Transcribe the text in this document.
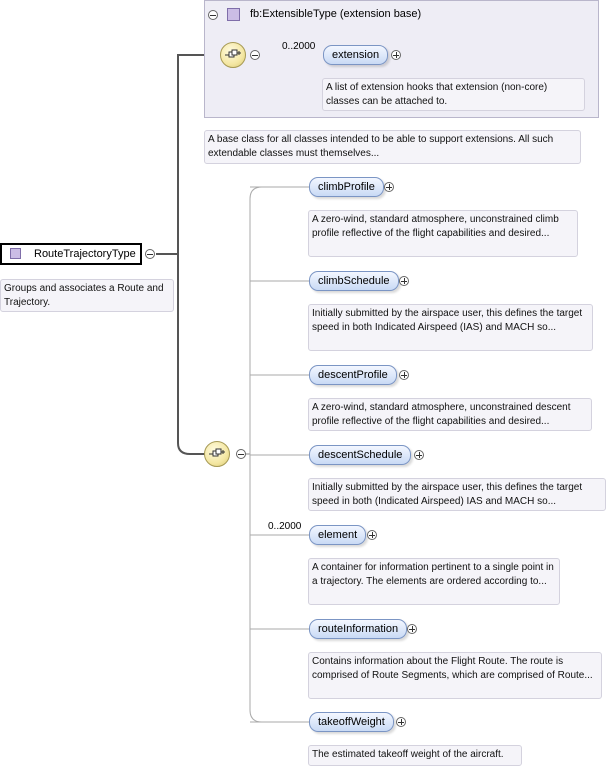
fb:ExtensibleType (extension base)
0..2000
extension
A list of extension hooks that extension (non-core) classes can be attached to.
A base class for all classes intended to be able to support extensions. All such extendable classes must themselves...
RouteTrajectoryType
Groups and associates a Route and Trajectory.
climbProfile
A zero-wind, standard atmosphere, unconstrained climb profile reflective of the flight capabilities and desired...
climbSchedule
Initially submitted by the airspace user, this defines the target speed in both Indicated Airspeed (IAS) and MACH so...
descentProfile
A zero-wind, standard atmosphere, unconstrained descent profile reflective of the flight capabilities and desired...
descentSchedule
Initially submitted by the airspace user, this defines the target speed in both (Indicated Airspeed) IAS and MACH so...
0..2000
element
A container for information pertinent to a single point in a trajectory. The elements are ordered according to...
routeInformation
Contains information about the Flight Route. The route is comprised of Route Segments, which are comprised of Route...
takeoffWeight
The estimated takeoff weight of the aircraft.
